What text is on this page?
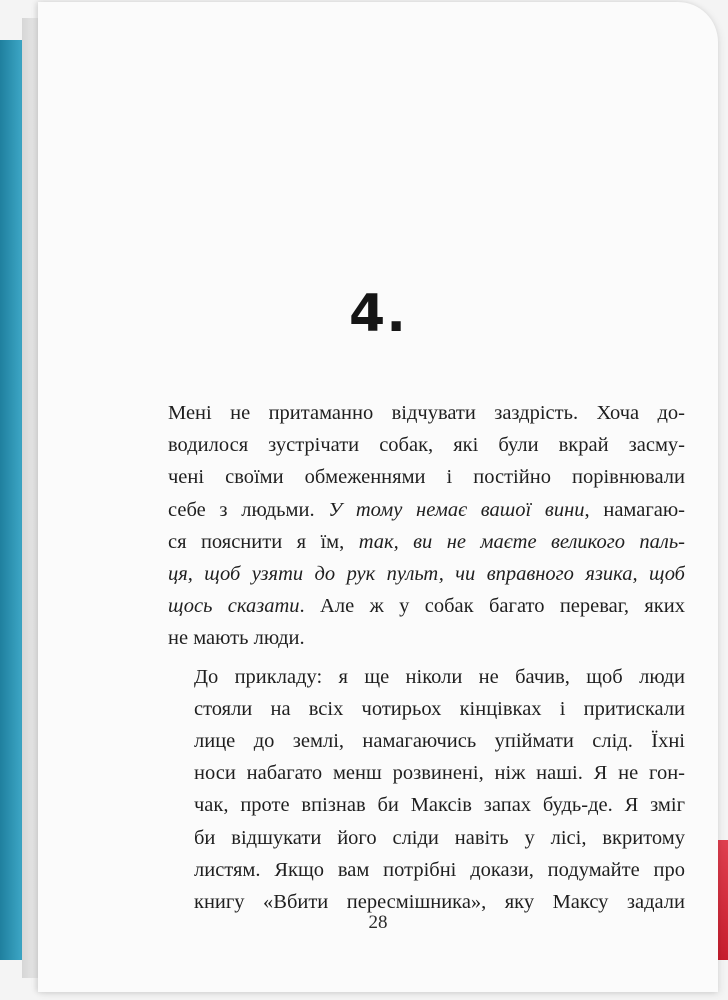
4.
Мені не притаманно відчувати заздрість. Хоча до-
водилося зустрічати собак, які були вкрай засму-
чені своїми обмеженнями і постійно порівнювали
себе з людьми. У тому немає вашої вини, намагаю-
ся пояснити я їм, так, ви не маєте великого паль-
ця, щоб узяти до рук пульт, чи вправного язика, щоб
щось сказати. Але ж у собак багато переваг, яких
не мають люди.
До прикладу: я ще ніколи не бачив, щоб люди
стояли на всіх чотирьох кінцівках і притискали
лице до землі, намагаючись упіймати слід. Їхні
носи набагато менш розвинені, ніж наші. Я не гон-
чак, проте впізнав би Максів запах будь-де. Я зміг
би відшукати його сліди навіть у лісі, вкритому
листям. Якщо вам потрібні докази, подумайте про
книгу «Вбити пересмішника», яку Максу задали
28
